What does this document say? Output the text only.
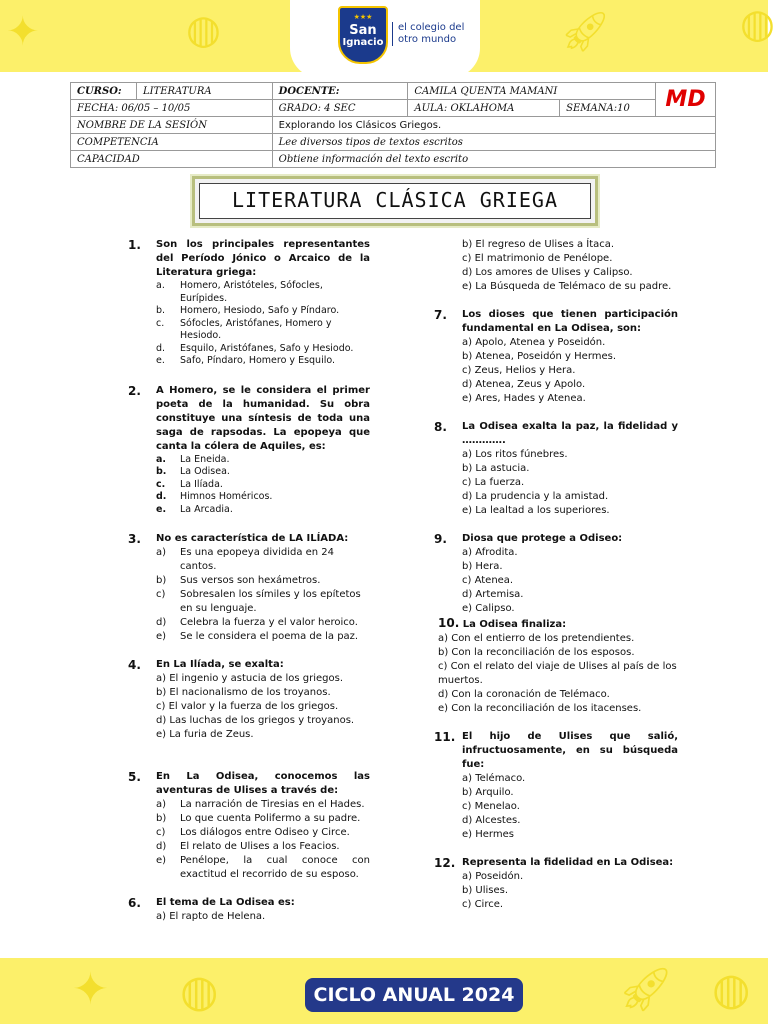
✦	◍	🚀︎	◍
★★★
San
Ignacio
el colegio del otro mundo
CURSO:	LITERATURA	DOCENTE:	CAMILA QUENTA MAMANI		MD
FECHA: 06/05 – 10/05		GRADO: 4 SEC	AULA: OKLAHOMA	SEMANA:10	
NOMBRE DE LA SESIÓN		Explorando los Clásicos Griegos.			
COMPETENCIA		Lee diversos tipos de textos escritos			
CAPACIDAD		Obtiene información del texto escrito			
LITERATURA CLÁSICA GRIEGA
1. Son los principales representantes del Período Jónico o Arcaico de la Literatura griega:
a.	Homero, Aristóteles, Sófocles, Eurípides.
b.	Homero, Hesiodo, Safo y Píndaro.
c.	Sófocles, Aristófanes, Homero y Hesiodo.
d.	Esquilo, Aristófanes, Safo y Hesiodo.
e.	Safo, Píndaro, Homero y Esquilo.
2. A Homero, se le considera el primer poeta de la humanidad. Su obra constituye una síntesis de toda una saga de rapsodas. La epopeya que canta la cólera de Aquiles, es:
a.	La Eneida.
b.	La Odisea.
c.	La Ilíada.
d.	Himnos Homéricos.
e.	La Arcadia.
3. No es característica de LA ILÍADA:
a)	Es una epopeya dividida en 24 cantos.
b)	Sus versos son hexámetros.
c)	Sobresalen los símiles y los epítetos en su lenguaje.
d)	Celebra la fuerza y el valor heroico.
e)	Se le considera el poema de la paz.
4. En La Ilíada, se exalta:
a) El ingenio y astucia de los griegos.
b) El nacionalismo de los troyanos.
c) El valor y la fuerza de los griegos.
d) Las luchas de los griegos y troyanos.
e) La furia de Zeus.
5. En La Odisea, conocemos las aventuras de Ulises a través de:
a)	La narración de Tiresias en el Hades.
b)	Lo que cuenta Polifermo a su padre.
c)	Los diálogos entre Odiseo y Circe.
d)	El relato de Ulises a los Feacios.
e)	Penélope, la cual conoce con exactitud el recorrido de su esposo.
6. El tema de La Odisea es:
a) El rapto de Helena.
b) El regreso de Ulises a Ítaca.
c) El matrimonio de Penélope.
d) Los amores de Ulises y Calipso.
e) La Búsqueda de Telémaco de su padre.
7. Los dioses que tienen participación fundamental en La Odisea, son:
a) Apolo, Atenea y Poseidón.
b) Atenea, Poseidón y Hermes.
c) Zeus, Helios y Hera.
d) Atenea, Zeus y Apolo.
e) Ares, Hades y Atenea.
8. La Odisea exalta la paz, la fidelidad y ………….
a) Los ritos fúnebres.
b) La astucia.
c) La fuerza.
d) La prudencia y la amistad.
e) La lealtad a los superiores.
9. Diosa que protege a Odiseo:
a) Afrodita.
b) Hera.
c) Atenea.
d) Artemisa.
e) Calipso.
10. La Odisea finaliza:
a) Con el entierro de los pretendientes.
b) Con la reconciliación de los esposos.
c) Con el relato del viaje de Ulises al país de los muertos.
d) Con la coronación de Telémaco.
e) Con la reconciliación de los itacenses.
11. El hijo de Ulises que salió, infructuosamente, en su búsqueda fue:
a) Telémaco.
b) Arquilo.
c) Menelao.
d) Alcestes.
e) Hermes
12. Representa la fidelidad en La Odisea:
a) Poseidón.
b) Ulises.
c) Circe.
✦ ◍	◍
🚀︎
CICLO ANUAL 2024
